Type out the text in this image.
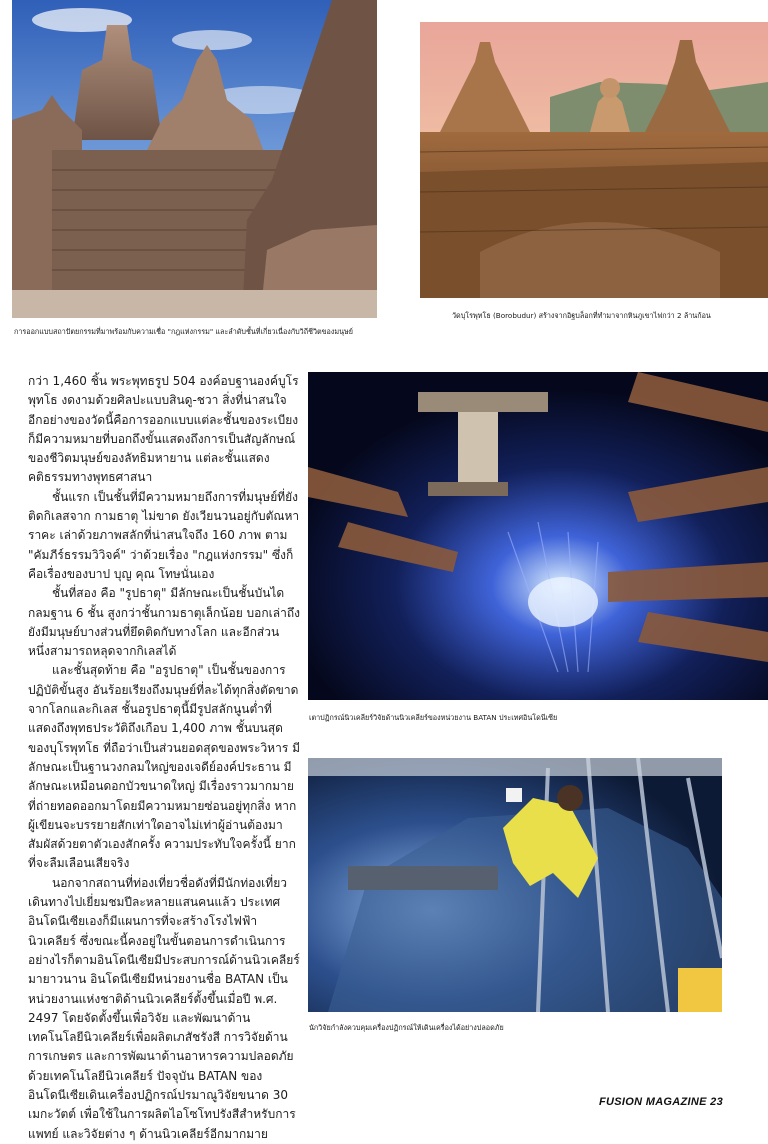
การออกแบบสถาปัตยกรรมที่มาพร้อมกับความเชื่อ "กฎแห่งกรรม" และลำดับชั้นที่เกี่ยวเนื่องกับวิถีชีวิตของมนุษย์
วัดบุโรพุทโธ (Borobudur) สร้างจากอิฐบล็อกที่ทำมาจากหินภูเขาไฟกว่า 2 ล้านก้อน

กว่า 1,460 ชิ้น พระพุทธรูป 504 องค์อบฐานองค์บูโรพุทโธ งดงามด้วยศิลปะแบบสินดู-ชวา สิ่งที่น่าสนใจอีกอย่างของวัดนี้คือการออกแบบแต่ละชั้นของระเบียงก็มีความหมายที่บอกถึงขั้นแสดงถึงการเป็นสัญลักษณ์ของชีวิตมนุษย์ของลัทธิมหายาน แต่ละชั้นแสดงคติธรรมทางพุทธศาสนา

ชั้นแรก เป็นชั้นที่มีความหมายถึงการที่มนุษย์ที่ยังติดกิเลสจาก กามธาตุ ไม่ขาด ยังเวียนวนอยู่กับตัณหา ราคะ เล่าด้วยภาพสลักที่น่าสนใจถึง 160 ภาพ ตาม "คัมภีร์ธรรมวิวิจค์" ว่าด้วยเรื่อง "กฎแห่งกรรม" ซึ่งก็คือเรื่องของบาป บุญ คุณ โทษนั่นเอง

ชั้นที่สอง คือ "รูปธาตุ" มีลักษณะเป็นชั้นบันไดกลมฐาน 6 ชั้น สูงกว่าชั้นกามธาตุเล็กน้อย บอกเล่าถึงยังมีมนุษย์บางส่วนที่ยึดติดกับทางโลก และอีกส่วนหนึ่งสามารถหลุดจากกิเลสได้

และชั้นสุดท้าย คือ "อรูปธาตุ" เป็นชั้นของการปฏิบัติขั้นสูง อันร้อยเรียงถึงมนุษย์ที่ละได้ทุกสิ่งตัดขาดจากโลกและกิเลส ชั้นอรูปธาตุนี้มีรูปสลักนูนต่ำที่แสดงถึงพุทธประวัติถึงเกือบ 1,400 ภาพ ชั้นบนสุดของบุโรพุทโธ ที่ถือว่าเป็นส่วนยอดสุดของพระวิหาร มีลักษณะเป็นฐานวงกลมใหญ่ของเจดีย์องค์ประธาน มีลักษณะเหมือนดอกบัวขนาดใหญ่ มีเรื่องราวมากมายที่ถ่ายทอดออกมาโดยมีความหมายซ่อนอยู่ทุกสิ่ง หากผู้เขียนจะบรรยายสักเท่าใดอาจไม่เท่าผู้อ่านต้องมาสัมผัสด้วยตาตัวเองสักครั้ง ความประทับใจครั้งนี้ ยากที่จะลืมเลือนเสียจริง

นอกจากสถานที่ท่องเที่ยวชื่อดังที่มีนักท่องเที่ยวเดินทางไปเยี่ยมชมปีละหลายแสนคนแล้ว ประเทศอินโดนีเซียเองก็มีแผนการที่จะสร้างโรงไฟฟ้านิวเคลียร์ ซึ่งขณะนี้คงอยู่ในขั้นตอนการดำเนินการ อย่างไรก็ตามอินโดนีเซียมีประสบการณ์ด้านนิวเคลียร์มายาวนาน อินโดนีเซียมีหน่วยงานชื่อ BATAN เป็นหน่วยงานแห่งชาติด้านนิวเคลียร์ตั้งขึ้นเมื่อปี พ.ศ. 2497 โดยจัดตั้งขึ้นเพื่อวิจัย และพัฒนาด้านเทคโนโลยีนิวเคลียร์เพื่อผลิตเภสัชรังสี การวิจัยด้านการเกษตร และการพัฒนาด้านอาหารความปลอดภัยด้วยเทคโนโลยีนิวเคลียร์ ปัจจุบัน BATAN ของอินโดนีเซียเดินเครื่องปฏิกรณ์ปรมาณูวิจัยขนาด 30 เมกะวัตต์ เพื่อใช้ในการผลิตไอโซโทปรังสีสำหรับการแพทย์ และวิจัยต่าง ๆ ด้านนิวเคลียร์อีกมากมาย

เตาปฏิกรณ์นิวเคลียร์วิจัยด้านนิวเคลียร์ของหน่วยงาน BATAN ประเทศอินโดนีเซีย
นักวิจัยกำลังควบคุมเครื่องปฏิกรณ์ให้เดินเครื่องได้อย่างปลอดภัย
FUSION MAGAZINE 23
